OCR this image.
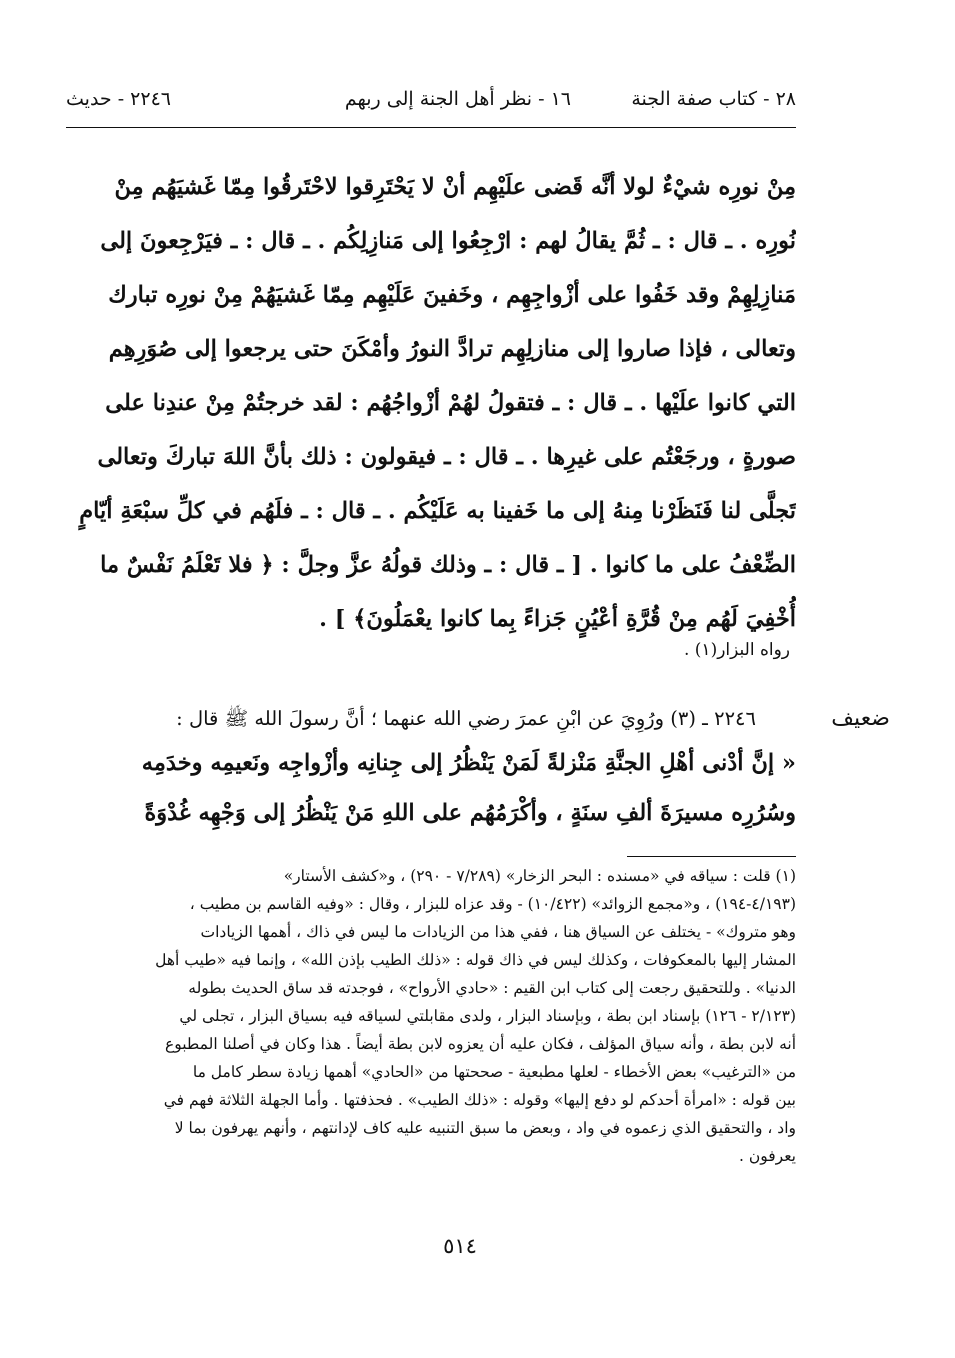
٢٨ - كتاب صفة الجنة
١٦ - نظر أهل الجنة إلى ربهم
٢٢٤٦ - حديث
مِنْ نورِه شيْءٌ لولا أنَّه قَضى علَيْهِم أنْ لا يَحْتَرِقوا لاحْتَرقُوا مِمّا غَشيَهُم مِنْ
نُورِه . ـ قال : ـ ثُمَّ يقالُ لهم : ارْجِعُوا إلى مَنازِلِكُم . ـ قال : ـ فيَرْجِعونَ إلى
مَنازِلِهِمْ وقد خَفُوا على أزْواجِهِم ، وخَفينَ عَلَيْهِم مِمّا غَشيَهُمْ مِنْ نورِه تبارك
وتعالى ، فإذا صاروا إلى منازلِهِم ترادَّ النورُ وأمْكَنَ حتى يرجعوا إلى صُوَرِهِم
التي كانوا علَيْها . ـ قال : ـ فتقولُ لهُمْ أزْواجُهُم : لقد خرجتُمْ مِنْ عندِنا على
صورةٍ ، ورجَعْتُم على غيرِها . ـ قال : ـ فيقولون : ذلك بأنَّ اللهَ تباركَ وتعالى
تَجلَّى لنا فَنَظَرْنا مِنهُ إلى ما خَفينا به عَلَيْكُم . ـ قال : ـ فلَهُم في كلِّ سبْعَةِ أيّامٍ
الضِّعْفُ على ما كانوا . [ ـ قال : ـ وذلك قولُهُ عزَّ وجلَّ : ﴿ فلا تَعْلَمُ نَفْسٌ ما
أُخْفِيَ لَهُم مِنْ قُرَّةِ أعْيُنٍ جَزاءً بِما كانوا يعْمَلُونَ﴾ ] .
رواه البزار(١) .
ضعيف
٢٢٤٦ ـ (٣) ورُوِيَ عن ابْنِ عمرَ رضي الله عنهما ؛ أنَّ رسولَ الله ﷺ قال :
« إنَّ أدْنى أهْلِ الجنَّةِ مَنْزلةً لَمَنْ يَنْظُرُ إلى جِنانِه وأزْواجِه ونَعيمِه وخدَمِه
وسُرُرِه مسيرَةَ ألفِ سنَةٍ ، وأكْرَمُهُم على اللهِ مَنْ يَنْظُرُ إلى وَجْهِه غُدْوَةً
(١) قلت : سياقه في «مسنده : البحر الزخار» (٧/٢٨٩ - ٢٩٠) ، و«كشف الأستار»
(٤/١٩٣-١٩٤) ، و«مجمع الزوائد» (١٠/٤٢٢) - وقد عزاه للبزار ، وقال : «وفيه القاسم بن مطيب ،
وهو متروك» - يختلف عن السياق هنا ، ففي هذا من الزيادات ما ليس في ذاك ، أهمها الزيادات
المشار إليها بالمعكوفات ، وكذلك ليس في ذاك قوله : «ذلك الطيب بإذن الله» ، وإنما فيه «طيب أهل
الدنيا» . وللتحقيق رجعت إلى كتاب ابن القيم : «حادي الأرواح» ، فوجدته قد ساق الحديث بطوله
(٢/١٢٣ - ١٢٦) بإسناد ابن بطة ، وبإسناد البزار ، ولدى مقابلتي لسياقه فيه بسياق البزار ، تجلى لي
أنه لابن بطة ، وأنه سياق المؤلف ، فكان عليه أن يعزوه لابن بطة أيضاً . هذا وكان في أصلنا المطبوع
من «الترغيب» بعض الأخطاء - لعلها مطبعية - صححتها من «الحادي» أهمها زيادة سطر كامل ما
بين قوله : «امرأة أحدكم لو دفع إليها» وقوله : «ذلك الطيب» . فحذفتها . وأما الجهلة الثلاثة فهم في
واد ، والتحقيق الذي زعموه في واد ، وبعض ما سبق التنبيه عليه كاف لإدانتهم ، وأنهم يهرفون بما لا
يعرفون .
٥١٤
